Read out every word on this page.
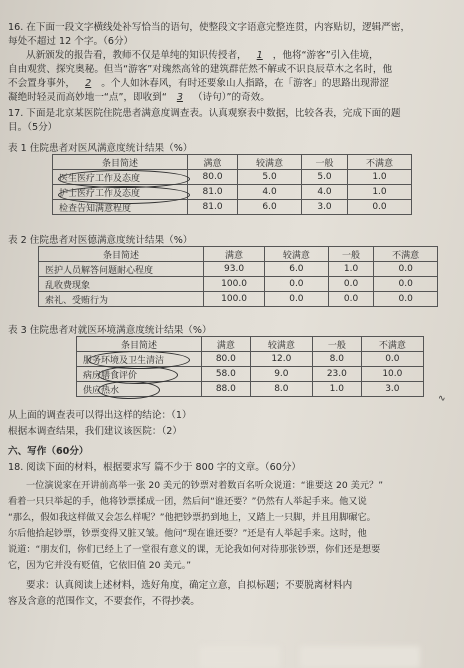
16. 在下面一段文字横线处补写恰当的语句，使整段文字语意完整连贯，内容贴切，逻辑严密，
每处不超过 12 个字。（6分）
从新颁发的报告看，教师不仅是单纯的知识传授者， 1 ，他将“游客”引入佳境，
自由观赏、探究奥秘。但当“游客”对瑰然高耸的建筑群茫然不解或不识良辰草木之名时，他
不会置身事外， 2 。个人如沐春风，有时还要象山人指路，在「游客」的思路出现滞涩
凝绝时轻灵而高妙地一“点”，即收到“ 3 （诗句）”的奇效。
17. 下面是北京某医院住院患者满意度调查表。认真观察表中数据，比较各表，完成下面的题
目。（5分）
表 1 住院患者对医风满意度统计结果（%）
条目简述	满意	较满意	一般	不满意
医生医疗工作及态度	80.0	5.0	5.0	1.0
护士医疗工作及态度	81.0	4.0	4.0	1.0
检查告知满意程度	81.0	6.0	3.0	0.0
表 2 住院患者对医德满意度统计结果（%）
条目简述	满意	较满意	一般	不满意
医护人员解答问题耐心程度	93.0	6.0	1.0	0.0
乱收费现象	100.0	0.0	0.0	0.0
索礼、受贿行为	100.0	0.0	0.0	0.0
表 3 住院患者对就医环境满意度统计结果（%）
条目简述	满意	较满意	一般	不满意
服务环境及卫生清洁	80.0	12.0	8.0	0.0
病房膳食评价	58.0	9.0	23.0	10.0
供应热水	88.0	8.0	1.0	3.0
∿
从上面的调查表可以得出这样的结论：（1）
根据本调查结果，我们建议该医院：（2）
六、写作（60分）
18. 阅读下面的材料，根据要求写 篇不少于 800 字的文章。（60分）
一位演说家在开讲前高举一张 20 美元的钞票对着数百名听众说道：“谁要这 20 美元？”
看着一只只举起的手，他将钞票揉成一团，然后问“谁还要？”仍然有人举起手来。他又说
“那么，假如我这样做又会怎么样呢？”他把钞票扔到地上，又踏上一只脚，并且用脚碾它。
尔后他拾起钞票，钞票变得又脏又皱。他问“现在谁还要？”还是有人举起手来。这时，他
说道：“朋友们，你们已经上了一堂很有意义的课，无论我如何对待那张钞票，你们还是想要
它，因为它并没有贬值，它依旧值 20 美元。”
要求：认真阅读上述材料，选好角度，确定立意，自拟标题；不要脱离材料内
容及含意的范围作文，不要套作，不得抄袭。
